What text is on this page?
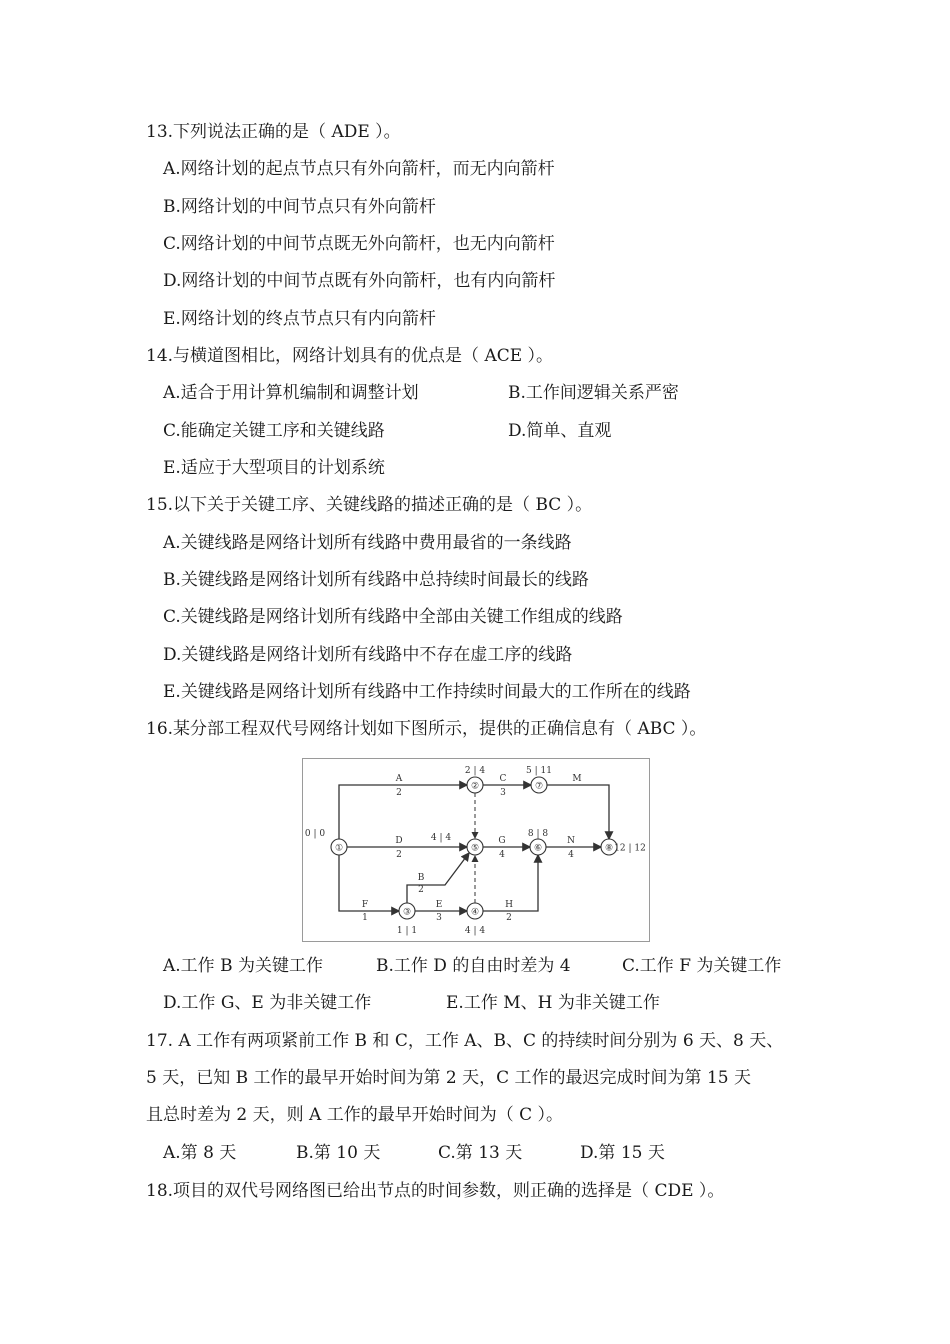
13.下列说法正确的是（ ADE ）。
A.网络计划的起点节点只有外向箭杆，而无内向箭杆
B.网络计划的中间节点只有外向箭杆
C.网络计划的中间节点既无外向箭杆，也无内向箭杆
D.网络计划的中间节点既有外向箭杆，也有内向箭杆
E.网络计划的终点节点只有内向箭杆
14.与横道图相比，网络计划具有的优点是（ ACE ）。
A.适合于用计算机编制和调整计划	B.工作间逻辑关系严密
C.能确定关键工序和关键线路	D.简单、直观
E.适应于大型项目的计划系统
15.以下关于关键工序、关键线路的描述正确的是（ BC ）。
A.关键线路是网络计划所有线路中费用最省的一条线路
B.关键线路是网络计划所有线路中总持续时间最长的线路
C.关键线路是网络计划所有线路中全部由关键工作组成的线路
D.关键线路是网络计划所有线路中不存在虚工序的线路
E.关键线路是网络计划所有线路中工作持续时间最大的工作所在的线路
16.某分部工程双代号网络计划如下图所示，提供的正确信息有（ ABC ）。
①
②
③	④
⑤	⑥
⑦
⑧
0 | 0
2 | 4
1 | 1	4 | 4
4 | 4	8 | 8
5 | 11
12 | 12
A
2
C
3
M
D
2
G
4
N
4
B
2
F
1
E
3
H
2
A.工作 B 为关键工作	B.工作 D 的自由时差为 4	C.工作 F 为关键工作
D.工作 G、E 为非关键工作	E.工作 M、H 为非关键工作
17. A 工作有两项紧前工作 B 和 C，工作 A、B、C 的持续时间分别为 6 天、8 天、
5 天，已知 B 工作的最早开始时间为第 2 天，C 工作的最迟完成时间为第 15 天
且总时差为 2 天，则 A 工作的最早开始时间为（ C ）。
A.第 8 天	B.第 10 天	C.第 13 天	D.第 15 天
18.项目的双代号网络图已给出节点的时间参数，则正确的选择是（ CDE ）。
